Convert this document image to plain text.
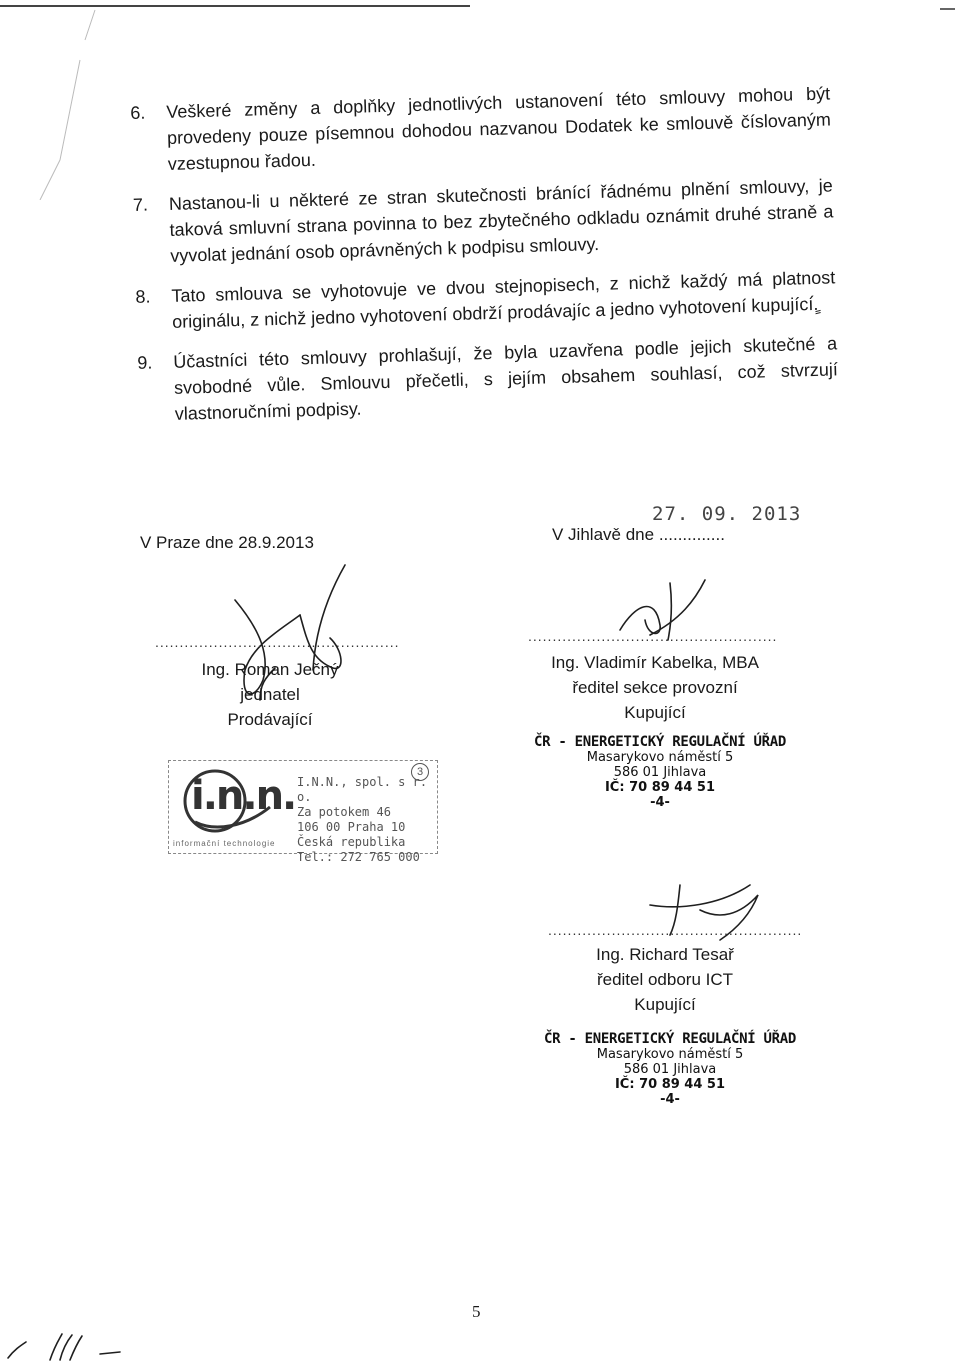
6. Veškeré změny a doplňky jednotlivých ustanovení této smlouvy mohou být provedeny pouze písemnou dohodou nazvanou Dodatek ke smlouvě číslovaným vzestupnou řadou.
7. Nastanou-li u některé ze stran skutečnosti bránící řádnému plnění smlouvy, je taková smluvní strana povinna to bez zbytečného odkladu oznámit druhé straně a vyvolat jednání osob oprávněných k podpisu smlouvy.
8. Tato smlouva se vyhotovuje ve dvou stejnopisech, z nichž každý má platnost originálu, z nichž jedno vyhotovení obdrží prodávajíc a jedno vyhotovení kupujícíٍ.
9. Účastníci této smlouvy prohlašují, že byla uzavřena podle jejich skutečné a svobodné vůle. Smlouvu přečetli, s jejím obsahem souhlasí, což stvrzují vlastnoručními podpisy.
V Praze dne 28.9.2013	V Jihlavě dne ..............
27. 09. 2013
..................................................
Ing. Roman Ječný
jednatel
Prodávající
i.n.n.
informační technologie
I.N.N., spol. s r. o.
Za potokem 46
106 00 Praha 10
Česká republika
Tel.: 272 765 000
3
...................................................
Ing. Vladimír Kabelka, MBA
ředitel sekce provozní
Kupující
ČR - ENERGETICKÝ REGULAČNÍ ÚŘAD
Masarykovo náměstí 5
586 01 Jihlava
IČ: 70 89 44 51
-4-
....................................................
Ing. Richard Tesař
ředitel odboru ICT
Kupující
ČR - ENERGETICKÝ REGULAČNÍ ÚŘAD
Masarykovo náměstí 5
586 01 Jihlava
IČ: 70 89 44 51
-4-
5
